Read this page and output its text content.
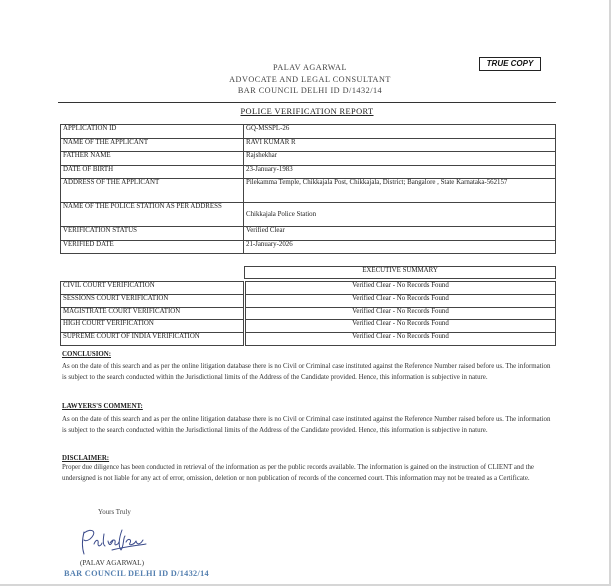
PALAV AGARWAL
ADVOCATE AND LEGAL CONSULTANT
BAR COUNCIL DELHI ID D/1432/14
TRUE COPY
POLICE VERIFICATION REPORT
APPLICATION ID	GQ-MSSPL-26
NAME OF THE APPLICANT	RAVI KUMAR R
FATHER NAME	Rajshekhar
DATE OF BIRTH	23-January-1983
ADDRESS OF THE APPLICANT	Pilekamma Temple, Chikkajala Post, Chikkajala, District; Bangalore , State Karnataka-562157
NAME OF THE POLICE STATION AS PER ADDRESS	Chikkajala Police Station
VERIFICATION STATUS	Verified Clear
VERIFIED DATE	21-January-2026
EXECUTIVE SUMMARY
CIVIL COURT VERIFICATION		Verified Clear - No Records Found
SESSIONS COURT VERIFICATION		Verified Clear - No Records Found
MAGISTRATE COURT VERIFICATION		Verified Clear - No Records Found
HIGH COURT VERIFICATION		Verified Clear - No Records Found
SUPREME COURT OF INDIA VERIFICATION		Verified Clear - No Records Found
CONCLUSION:
As on the date of this search and as per the online litigation database there is no Civil or Criminal case instituted against the Reference Number raised before us. The information is subject to the search conducted within the Jurisdictional limits of the Address of the Candidate provided. Hence, this information is subjective in nature.
LAWYERS'S COMMENT:
As on the date of this search and as per the online litigation database there is no Civil or Criminal case instituted against the Reference Number raised before us. The information is subject to the search conducted within the Jurisdictional limits of the Address of the Candidate provided. Hence, this information is subjective in nature.
DISCLAIMER:
Proper due diligence has been conducted in retrieval of the information as per the public records available. The information is gained on the instruction of CLIENT and the undersigned is not liable for any act of error, omission, deletion or non publication of records of the concerned court. This information may not be treated as a Certificate.
Yours Truly
(PALAV AGARWAL)
BAR COUNCIL DELHI ID D/1432/14
